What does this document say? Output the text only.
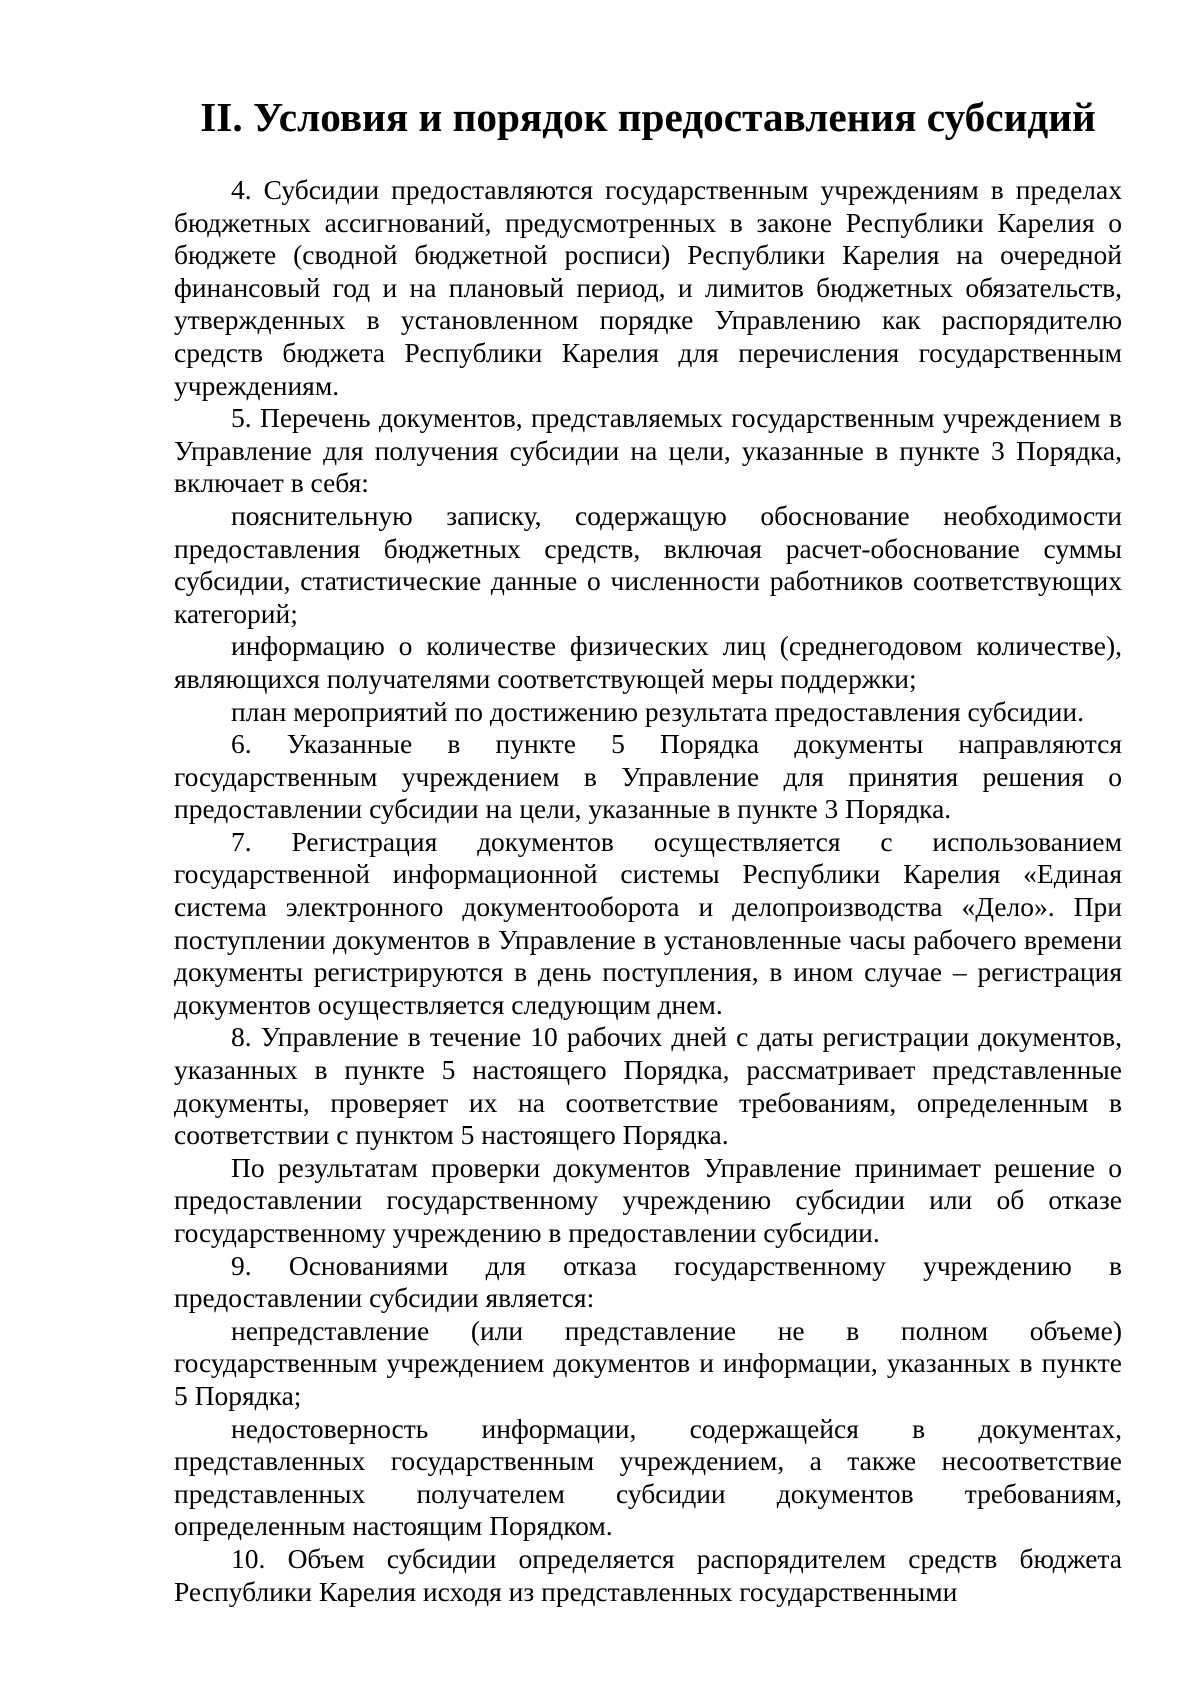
II. Условия и порядок предоставления субсидий

4. Субсидии предоставляются государственным учреждениям в пределах бюджетных ассигнований, предусмотренных в законе Республики Карелия о бюджете (сводной бюджетной росписи) Республики Карелия на очередной финансовый год и на плановый период, и лимитов бюджетных обязательств, утвержденных в установленном порядке Управлению как распорядителю средств бюджета Республики Карелия для перечисления государственным учреждениям.

5. Перечень документов, представляемых государственным учреждением в Управление для получения субсидии на цели, указанные в пункте 3 Порядка, включает в себя:

пояснительную записку, содержащую обоснование необходимости предоставления бюджетных средств, включая расчет-обоснование суммы субсидии, статистические данные о численности работников соответствующих категорий;

информацию о количестве физических лиц (среднегодовом количестве), являющихся получателями соответствующей меры поддержки;

план мероприятий по достижению результата предоставления субсидии.

6. Указанные в пункте 5 Порядка документы направляются государственным учреждением в Управление для принятия решения о предоставлении субсидии на цели, указанные в пункте 3 Порядка.

7. Регистрация документов осуществляется с использованием государственной информационной системы Республики Карелия «Единая система электронного документооборота и делопроизводства «Дело». При поступлении документов в Управление в установленные часы рабочего времени документы регистрируются в день поступления, в ином случае – регистрация документов осуществляется следующим днем.

8. Управление в течение 10 рабочих дней с даты регистрации документов, указанных в пункте 5 настоящего Порядка, рассматривает представленные документы, проверяет их на соответствие требованиям, определенным в соответствии с пунктом 5 настоящего Порядка.

По результатам проверки документов Управление принимает решение о предоставлении государственному учреждению субсидии или об отказе государственному учреждению в предоставлении субсидии.

9. Основаниями для отказа государственному учреждению в предоставлении субсидии является:

непредставление (или представление не в полном объеме) государственным учреждением документов и информации, указанных в пункте 5 Порядка;

недостоверность информации, содержащейся в документах, представленных государственным учреждением, а также несоответствие представленных получателем субсидии документов требованиям, определенным настоящим Порядком.

10. Объем субсидии определяется распорядителем средств бюджета Республики Карелия исходя из представленных государственными
